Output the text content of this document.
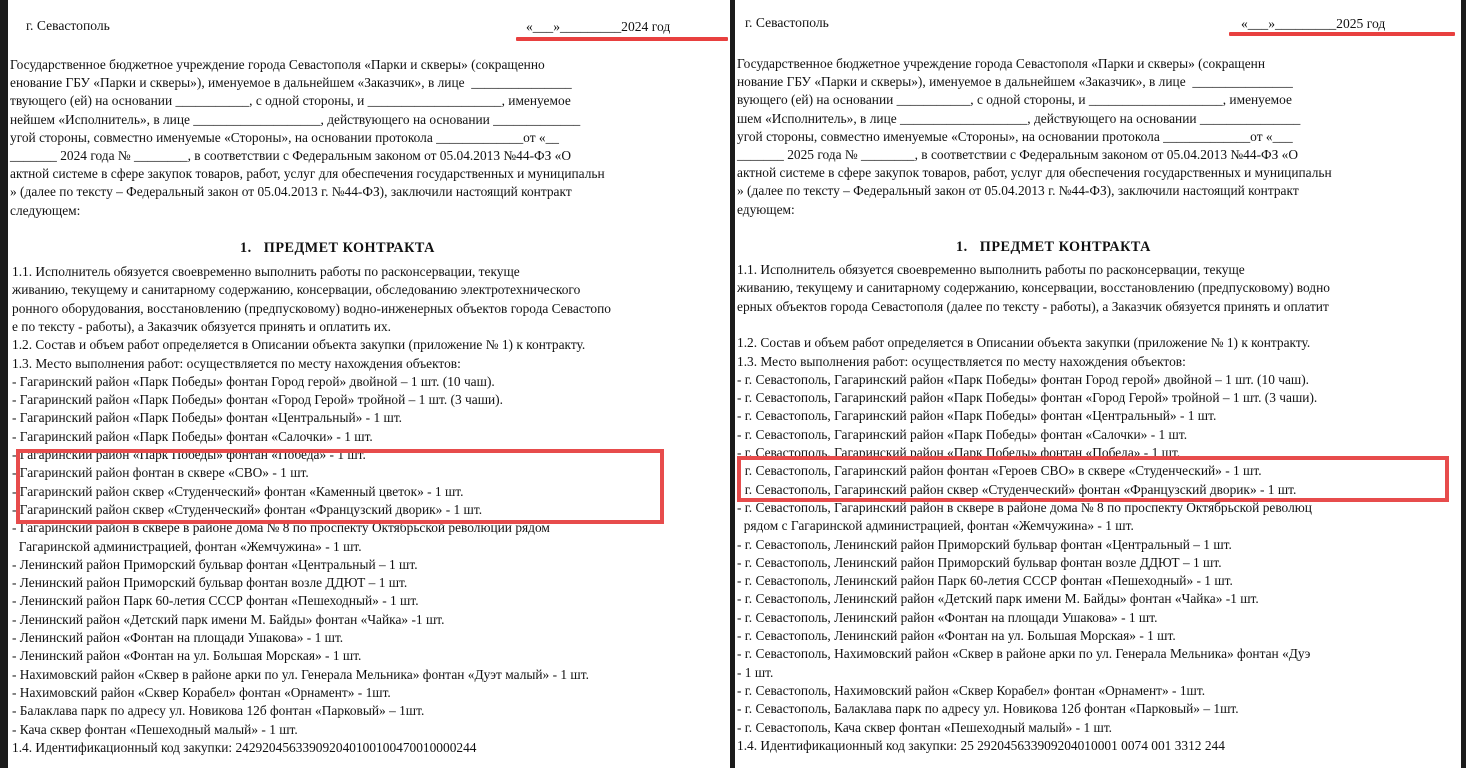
г. Севастополь	«___»_________2024 год
Государственное бюджетное учреждение города Севастополя «Парки и скверы» (сокращенно
енование ГБУ «Парки и скверы»), именуемое в дальнейшем «Заказчик», в лице  _______________
твующего (ей) на основании ___________, с одной стороны, и ____________________, именуемое
нейшем «Исполнитель», в лице ___________________, действующего на основании _____________
угой стороны, совместно именуемые «Стороны», на основании протокола _____________от «__
_______ 2024 года № ________, в соответствии с Федеральным законом от 05.04.2013 №44-ФЗ «О
актной системе в сфере закупок товаров, работ, услуг для обеспечения государственных и муниципальн
» (далее по тексту – Федеральный закон от 05.04.2013 г. №44-ФЗ), заключили настоящий контракт
следующем:
1.   ПРЕДМЕТ КОНТРАКТА
1.1. Исполнитель обязуется своевременно выполнить работы по расконсервации, текуще
живанию, текущему и санитарному содержанию, консервации, обследованию электротехнического
ронного оборудования, восстановлению (предпусковому) водно-инженерных объектов города Севастопо
е по тексту - работы), а Заказчик обязуется принять и оплатить их.
1.2. Состав и объем работ определяется в Описании объекта закупки (приложение № 1) к контракту.
1.3. Место выполнения работ: осуществляется по месту нахождения объектов:
- Гагаринский район «Парк Победы» фонтан Город герой» двойной – 1 шт. (10 чаш).
- Гагаринский район «Парк Победы» фонтан «Город Герой» тройной – 1 шт. (3 чаши).
- Гагаринский район «Парк Победы» фонтан «Центральный» - 1 шт.
- Гагаринский район «Парк Победы» фонтан «Салочки» - 1 шт.
- Гагаринский район «Парк Победы» фонтан «Победа» - 1 шт.
- Гагаринский район фонтан в сквере «СВО» - 1 шт.
- Гагаринский район сквер «Студенческий» фонтан «Каменный цветок» - 1 шт.
- Гагаринский район сквер «Студенческий» фонтан «Французский дворик» - 1 шт.
- Гагаринский район в сквере в районе дома № 8 по проспекту Октябрьской революции рядом
Гагаринской администрацией, фонтан «Жемчужина» - 1 шт.
- Ленинский район Приморский бульвар фонтан «Центральный – 1 шт.
- Ленинский район Приморский бульвар фонтан возле ДДЮТ – 1 шт.
- Ленинский район Парк 60-летия СССР фонтан «Пешеходный» - 1 шт.
- Ленинский район «Детский парк имени М. Байды» фонтан «Чайка» -1 шт.
- Ленинский район «Фонтан на площади Ушакова» - 1 шт.
- Ленинский район «Фонтан на ул. Большая Морская» - 1 шт.
- Нахимовский район «Сквер в районе арки по ул. Генерала Мельника» фонтан «Дуэт малый» - 1 шт.
- Нахимовский район «Сквер Корабел» фонтан «Орнамент» - 1шт.
- Балаклава парк по адресу ул. Новикова 12б фонтан «Парковый» – 1шт.
- Кача сквер фонтан «Пешеходный малый» - 1 шт.
1.4. Идентификационный код закупки: 242920456339092040100100470010000244
г. Севастополь	«___»_________2025 год
Государственное бюджетное учреждение города Севастополя «Парки и скверы» (сокращенн
нование ГБУ «Парки и скверы»), именуемое в дальнейшем «Заказчик», в лице  _______________
вующего (ей) на основании ___________, с одной стороны, и ____________________, именуемое
шем «Исполнитель», в лице ___________________, действующего на основании _______________
угой стороны, совместно именуемые «Стороны», на основании протокола _____________от «___
_______ 2025 года № ________, в соответствии с Федеральным законом от 05.04.2013 №44-ФЗ «О
актной системе в сфере закупок товаров, работ, услуг для обеспечения государственных и муниципальн
» (далее по тексту – Федеральный закон от 05.04.2013 г. №44-ФЗ), заключили настоящий контракт
едующем:
1.   ПРЕДМЕТ КОНТРАКТА
1.1. Исполнитель обязуется своевременно выполнить работы по расконсервации, текуще
живанию, текущему и санитарному содержанию, консервации, восстановлению (предпусковому) водно
ерных объектов города Севастополя (далее по тексту - работы), а Заказчик обязуется принять и оплатит
1.2. Состав и объем работ определяется в Описании объекта закупки (приложение № 1) к контракту.
1.3. Место выполнения работ: осуществляется по месту нахождения объектов:
- г. Севастополь, Гагаринский район «Парк Победы» фонтан Город герой» двойной – 1 шт. (10 чаш).
- г. Севастополь, Гагаринский район «Парк Победы» фонтан «Город Герой» тройной – 1 шт. (3 чаши).
- г. Севастополь, Гагаринский район «Парк Победы» фонтан «Центральный» - 1 шт.
- г. Севастополь, Гагаринский район «Парк Победы» фонтан «Салочки» - 1 шт.
- г. Севастополь, Гагаринский район «Парк Победы» фонтан «Победа» - 1 шт.
- г. Севастополь, Гагаринский район фонтан «Героев СВО» в сквере «Студенческий» - 1 шт.
- г. Севастополь, Гагаринский район сквер «Студенческий» фонтан «Французский дворик» - 1 шт.
- г. Севастополь, Гагаринский район в сквере в районе дома № 8 по проспекту Октябрьской революц
рядом с Гагаринской администрацией, фонтан «Жемчужина» - 1 шт.
- г. Севастополь, Ленинский район Приморский бульвар фонтан «Центральный – 1 шт.
- г. Севастополь, Ленинский район Приморский бульвар фонтан возле ДДЮТ – 1 шт.
- г. Севастополь, Ленинский район Парк 60-летия СССР фонтан «Пешеходный» - 1 шт.
- г. Севастополь, Ленинский район «Детский парк имени М. Байды» фонтан «Чайка» -1 шт.
- г. Севастополь, Ленинский район «Фонтан на площади Ушакова» - 1 шт.
- г. Севастополь, Ленинский район «Фонтан на ул. Большая Морская» - 1 шт.
- г. Севастополь, Нахимовский район «Сквер в районе арки по ул. Генерала Мельника» фонтан «Дуэ
- 1 шт.
- г. Севастополь, Нахимовский район «Сквер Корабел» фонтан «Орнамент» - 1шт.
- г. Севастополь, Балаклава парк по адресу ул. Новикова 12б фонтан «Парковый» – 1шт.
- г. Севастополь, Кача сквер фонтан «Пешеходный малый» - 1 шт.
1.4. Идентификационный код закупки: 25 292045633909204010001 0074 001 3312 244
